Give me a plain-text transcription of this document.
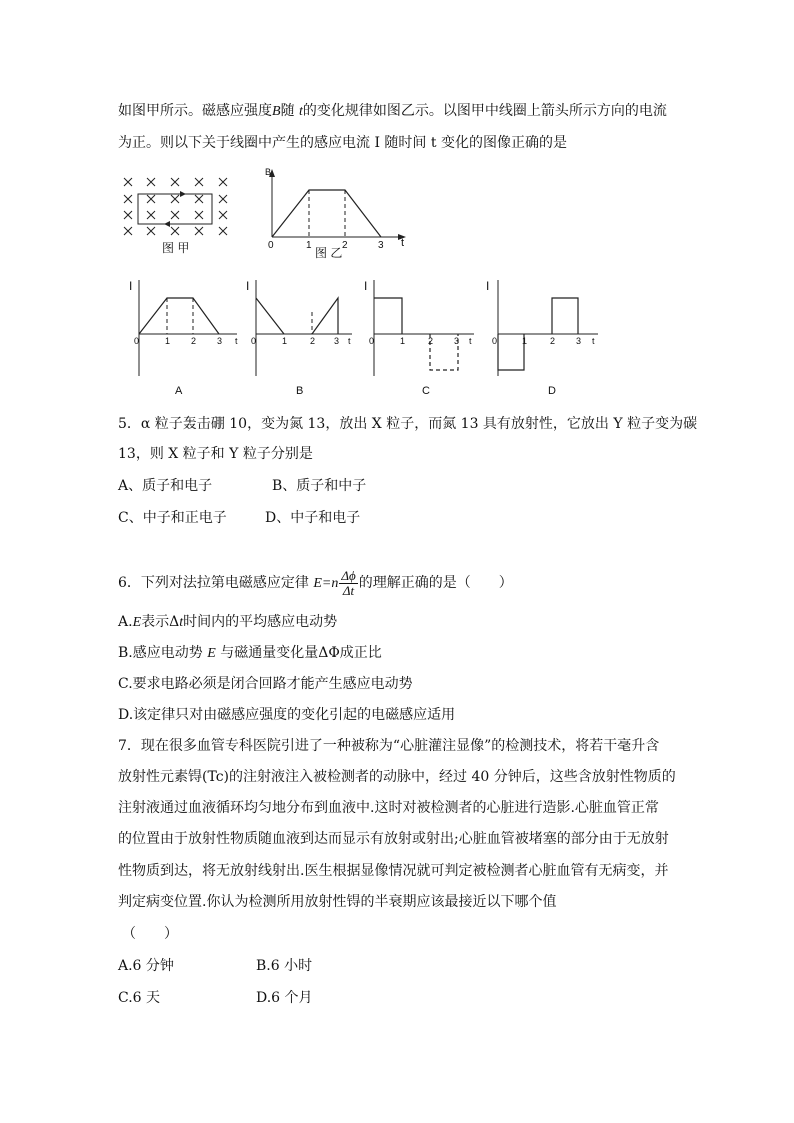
如图甲所示。磁感应强度B随 t的变化规律如图乙示。以图甲中线圈上箭头所示方向的电流
为正。则以下关于线圈中产生的感应电流 I 随时间 t 变化的图像正确的是
图 甲
B
t
0	1	2	3
图 乙
I
t
0	1 2 3
A
I
t
0	1	2 3
B
I
t
0	1	2 3
C
I
t
0	1	2 3
D
5．α 粒子轰击硼 10，变为氮 13，放出 X 粒子，而氮 13 具有放射性，它放出 Y 粒子变为碳
13，则 X 粒子和 Y 粒子分别是
A、质子和电子	B、质子和中子
C、中子和正电子	D、中子和电子
6．下列对法拉第电磁感应定律 $E=n \frac{\Delta\phi}{\Delta t}$ 的理解正确的是（　　）
A.E表示Δt时间内的平均感应电动势
B.感应电动势 E 与磁通量变化量ΔΦ成正比
C.要求电路必须是闭合回路才能产生感应电动势
D.该定律只对由磁感应强度的变化引起的电磁感应适用
7．现在很多血管专科医院引进了一种被称为“心脏灌注显像”的检测技术，将若干毫升含
放射性元素锝(Tc)的注射液注入被检测者的动脉中，经过 40 分钟后，这些含放射性物质的
注射液通过血液循环均匀地分布到血液中.这时对被检测者的心脏进行造影.心脏血管正常
的位置由于放射性物质随血液到达而显示有放射或射出;心脏血管被堵塞的部分由于无放射
性物质到达，将无放射线射出.医生根据显像情况就可判定被检测者心脏血管有无病变，并
判定病变位置.你认为检测所用放射性锝的半衰期应该最接近以下哪个值
（　　）
A.6 分钟	B.6 小时
C.6 天	D.6 个月
